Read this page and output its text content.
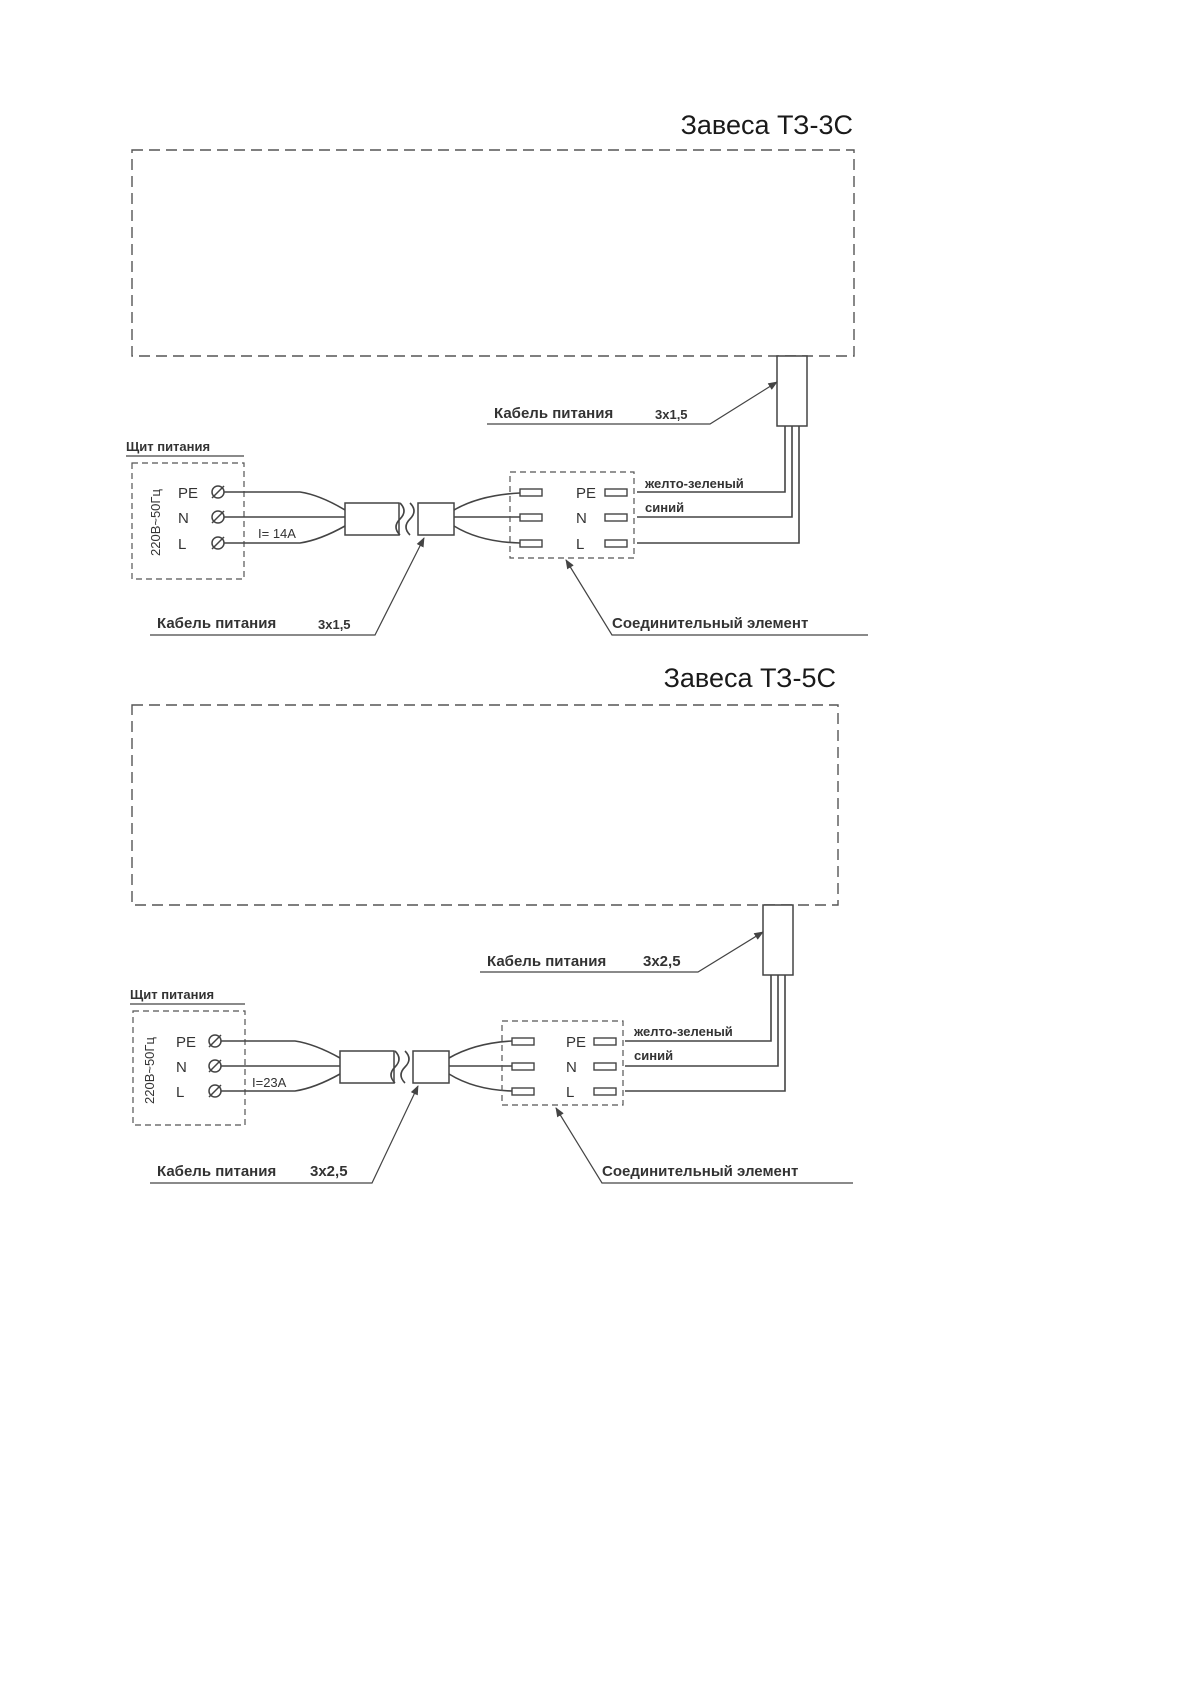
Завеса ТЗ-3С
Кабель питания	3х1,5
Щит питания
220В~50Гц PE
N
L
I= 14A
PE
N
L
желто-зеленый
синий
Кабель питания	3х1,5	Соединительный элемент
Завеса ТЗ-5С
Кабель питания 3х2,5
Щит питания
220В~50Гц PE
N
L
I=23A
PE
N
L
желто-зеленый
синий
Кабель питания 3х2,5	Соединительный элемент
